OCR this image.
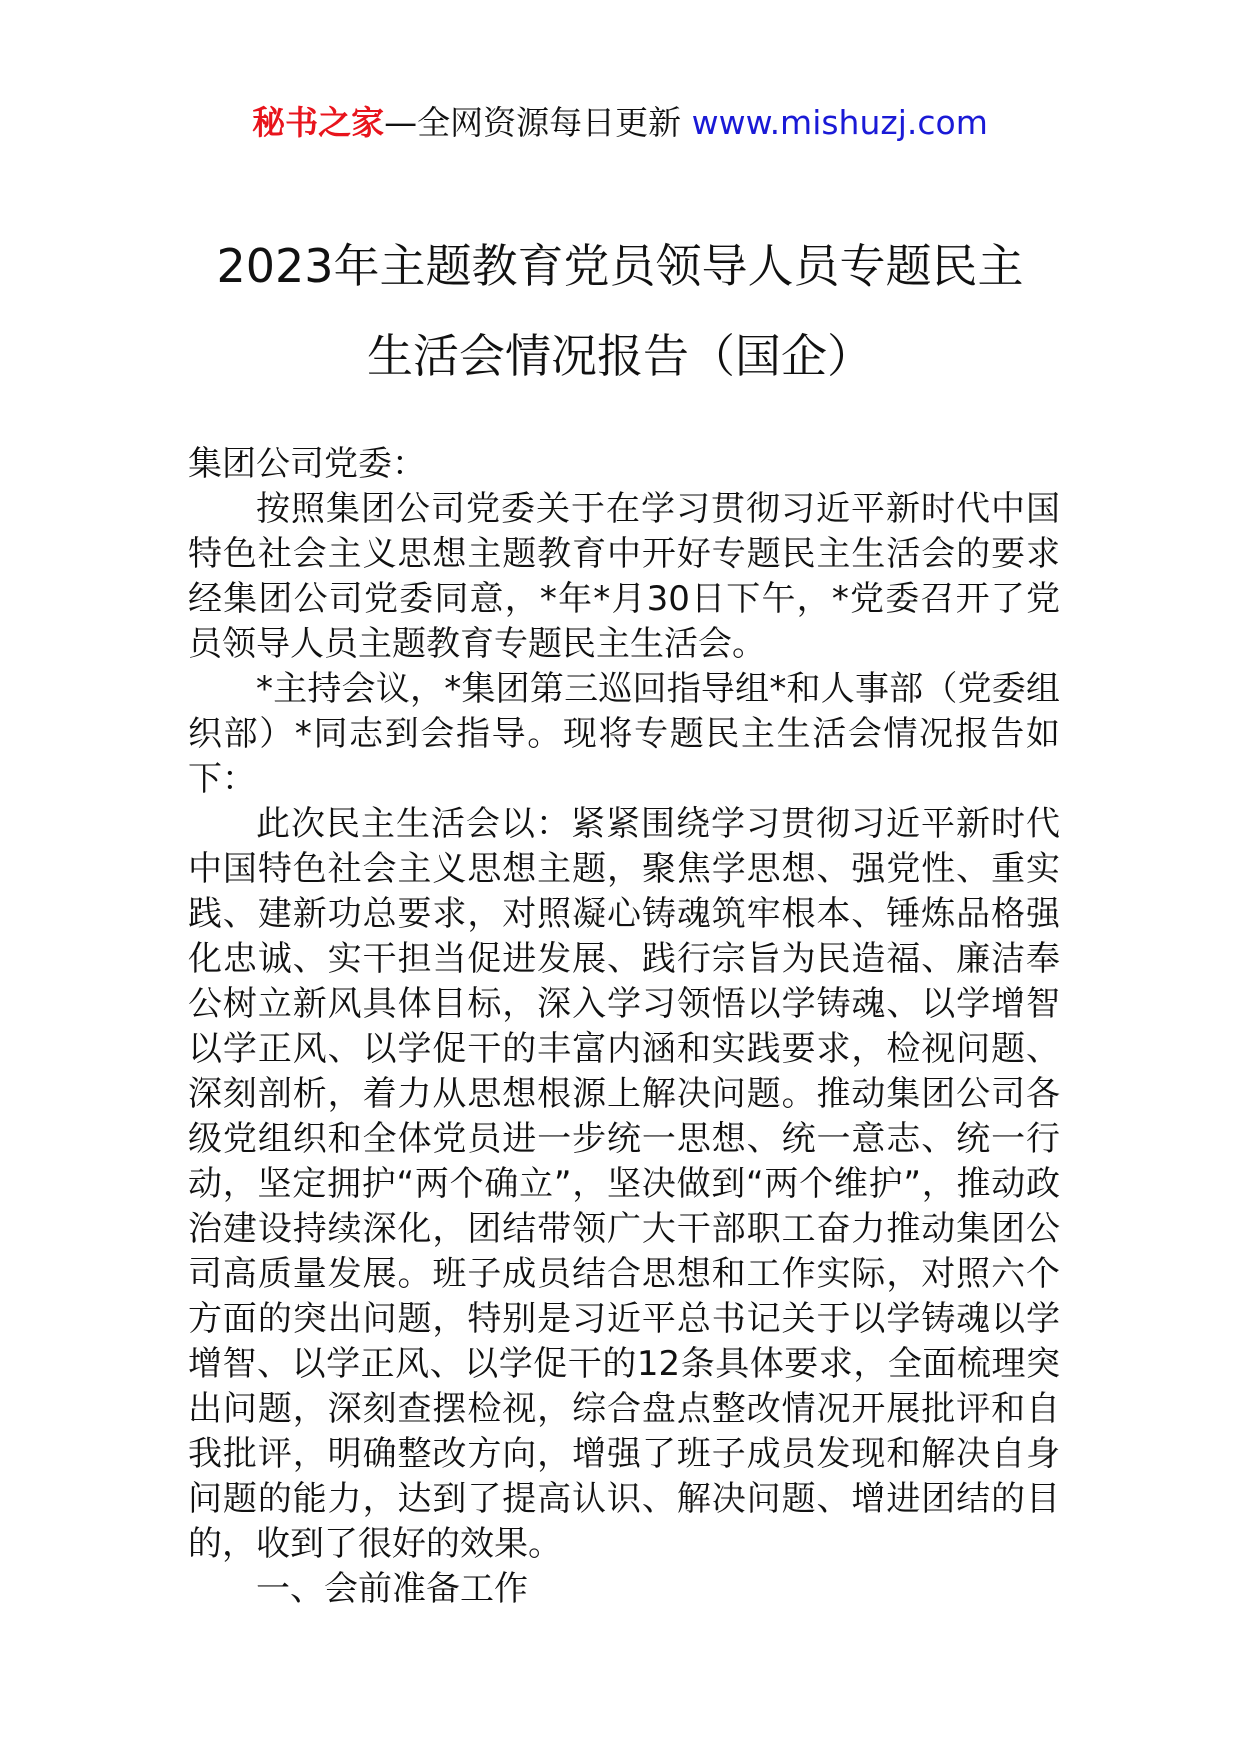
秘书之家—全网资源每日更新 www.mishuzj.com
2023年主题教育党员领导人员专题民主
生活会情况报告（国企）

集团公司党委：

按照集团公司党委关于在学习贯彻习近平新时代中国特色社会主义思想主题教育中开好专题民主生活会的要求经集团公司党委同意，*年*月30日下午，*党委召开了党员领导人员主题教育专题民主生活会。

*主持会议，*集团第三巡回指导组*和人事部（党委组织部）*同志到会指导。现将专题民主生活会情况报告如下：

此次民主生活会以：紧紧围绕学习贯彻习近平新时代中国特色社会主义思想主题，聚焦学思想、强党性、重实践、建新功总要求，对照凝心铸魂筑牢根本、锤炼品格强化忠诚、实干担当促进发展、践行宗旨为民造福、廉洁奉公树立新风具体目标，深入学习领悟以学铸魂、以学增智以学正风、以学促干的丰富内涵和实践要求，检视问题、深刻剖析，着力从思想根源上解决问题。推动集团公司各级党组织和全体党员进一步统一思想、统一意志、统一行动，坚定拥护“两个确立”，坚决做到“两个维护”，推动政治建设持续深化，团结带领广大干部职工奋力推动集团公司高质量发展。班子成员结合思想和工作实际，对照六个方面的突出问题，特别是习近平总书记关于以学铸魂以学增智、以学正风、以学促干的12条具体要求，全面梳理突出问题，深刻查摆检视，综合盘点整改情况开展批评和自我批评，明确整改方向，增强了班子成员发现和解决自身问题的能力，达到了提高认识、解决问题、增进团结的目的，收到了很好的效果。

一、会前准备工作
